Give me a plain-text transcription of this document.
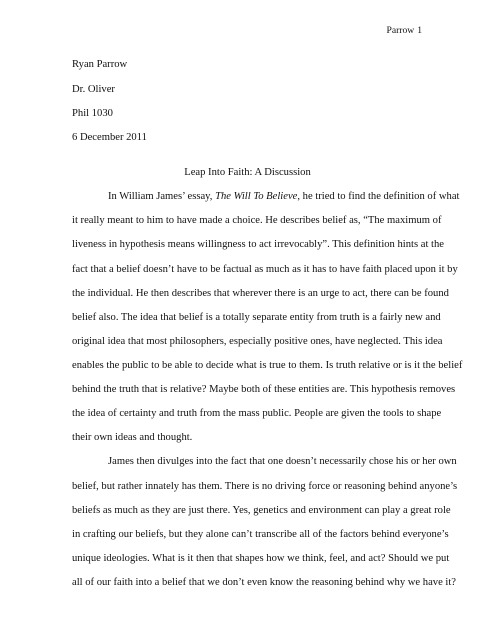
Parrow 1
Ryan Parrow
Dr. Oliver
Phil 1030
6 December 2011
Leap Into Faith: A Discussion
In William James’ essay, The Will To Believe, he tried to find the definition of what
it really meant to him to have made a choice. He describes belief as, “The maximum of
liveness in hypothesis means willingness to act irrevocably”. This definition hints at the
fact that a belief doesn’t have to be factual as much as it has to have faith placed upon it by
the individual. He then describes that wherever there is an urge to act, there can be found
belief also. The idea that belief is a totally separate entity from truth is a fairly new and
original idea that most philosophers, especially positive ones, have neglected. This idea
enables the public to be able to decide what is true to them. Is truth relative or is it the belief
behind the truth that is relative? Maybe both of these entities are. This hypothesis removes
the idea of certainty and truth from the mass public. People are given the tools to shape
their own ideas and thought.
James then divulges into the fact that one doesn’t necessarily chose his or her own
belief, but rather innately has them. There is no driving force or reasoning behind anyone’s
beliefs as much as they are just there. Yes, genetics and environment can play a great role
in crafting our beliefs, but they alone can’t transcribe all of the factors behind everyone’s
unique ideologies. What is it then that shapes how we think, feel, and act? Should we put
all of our faith into a belief that we don’t even know the reasoning behind why we have it?
